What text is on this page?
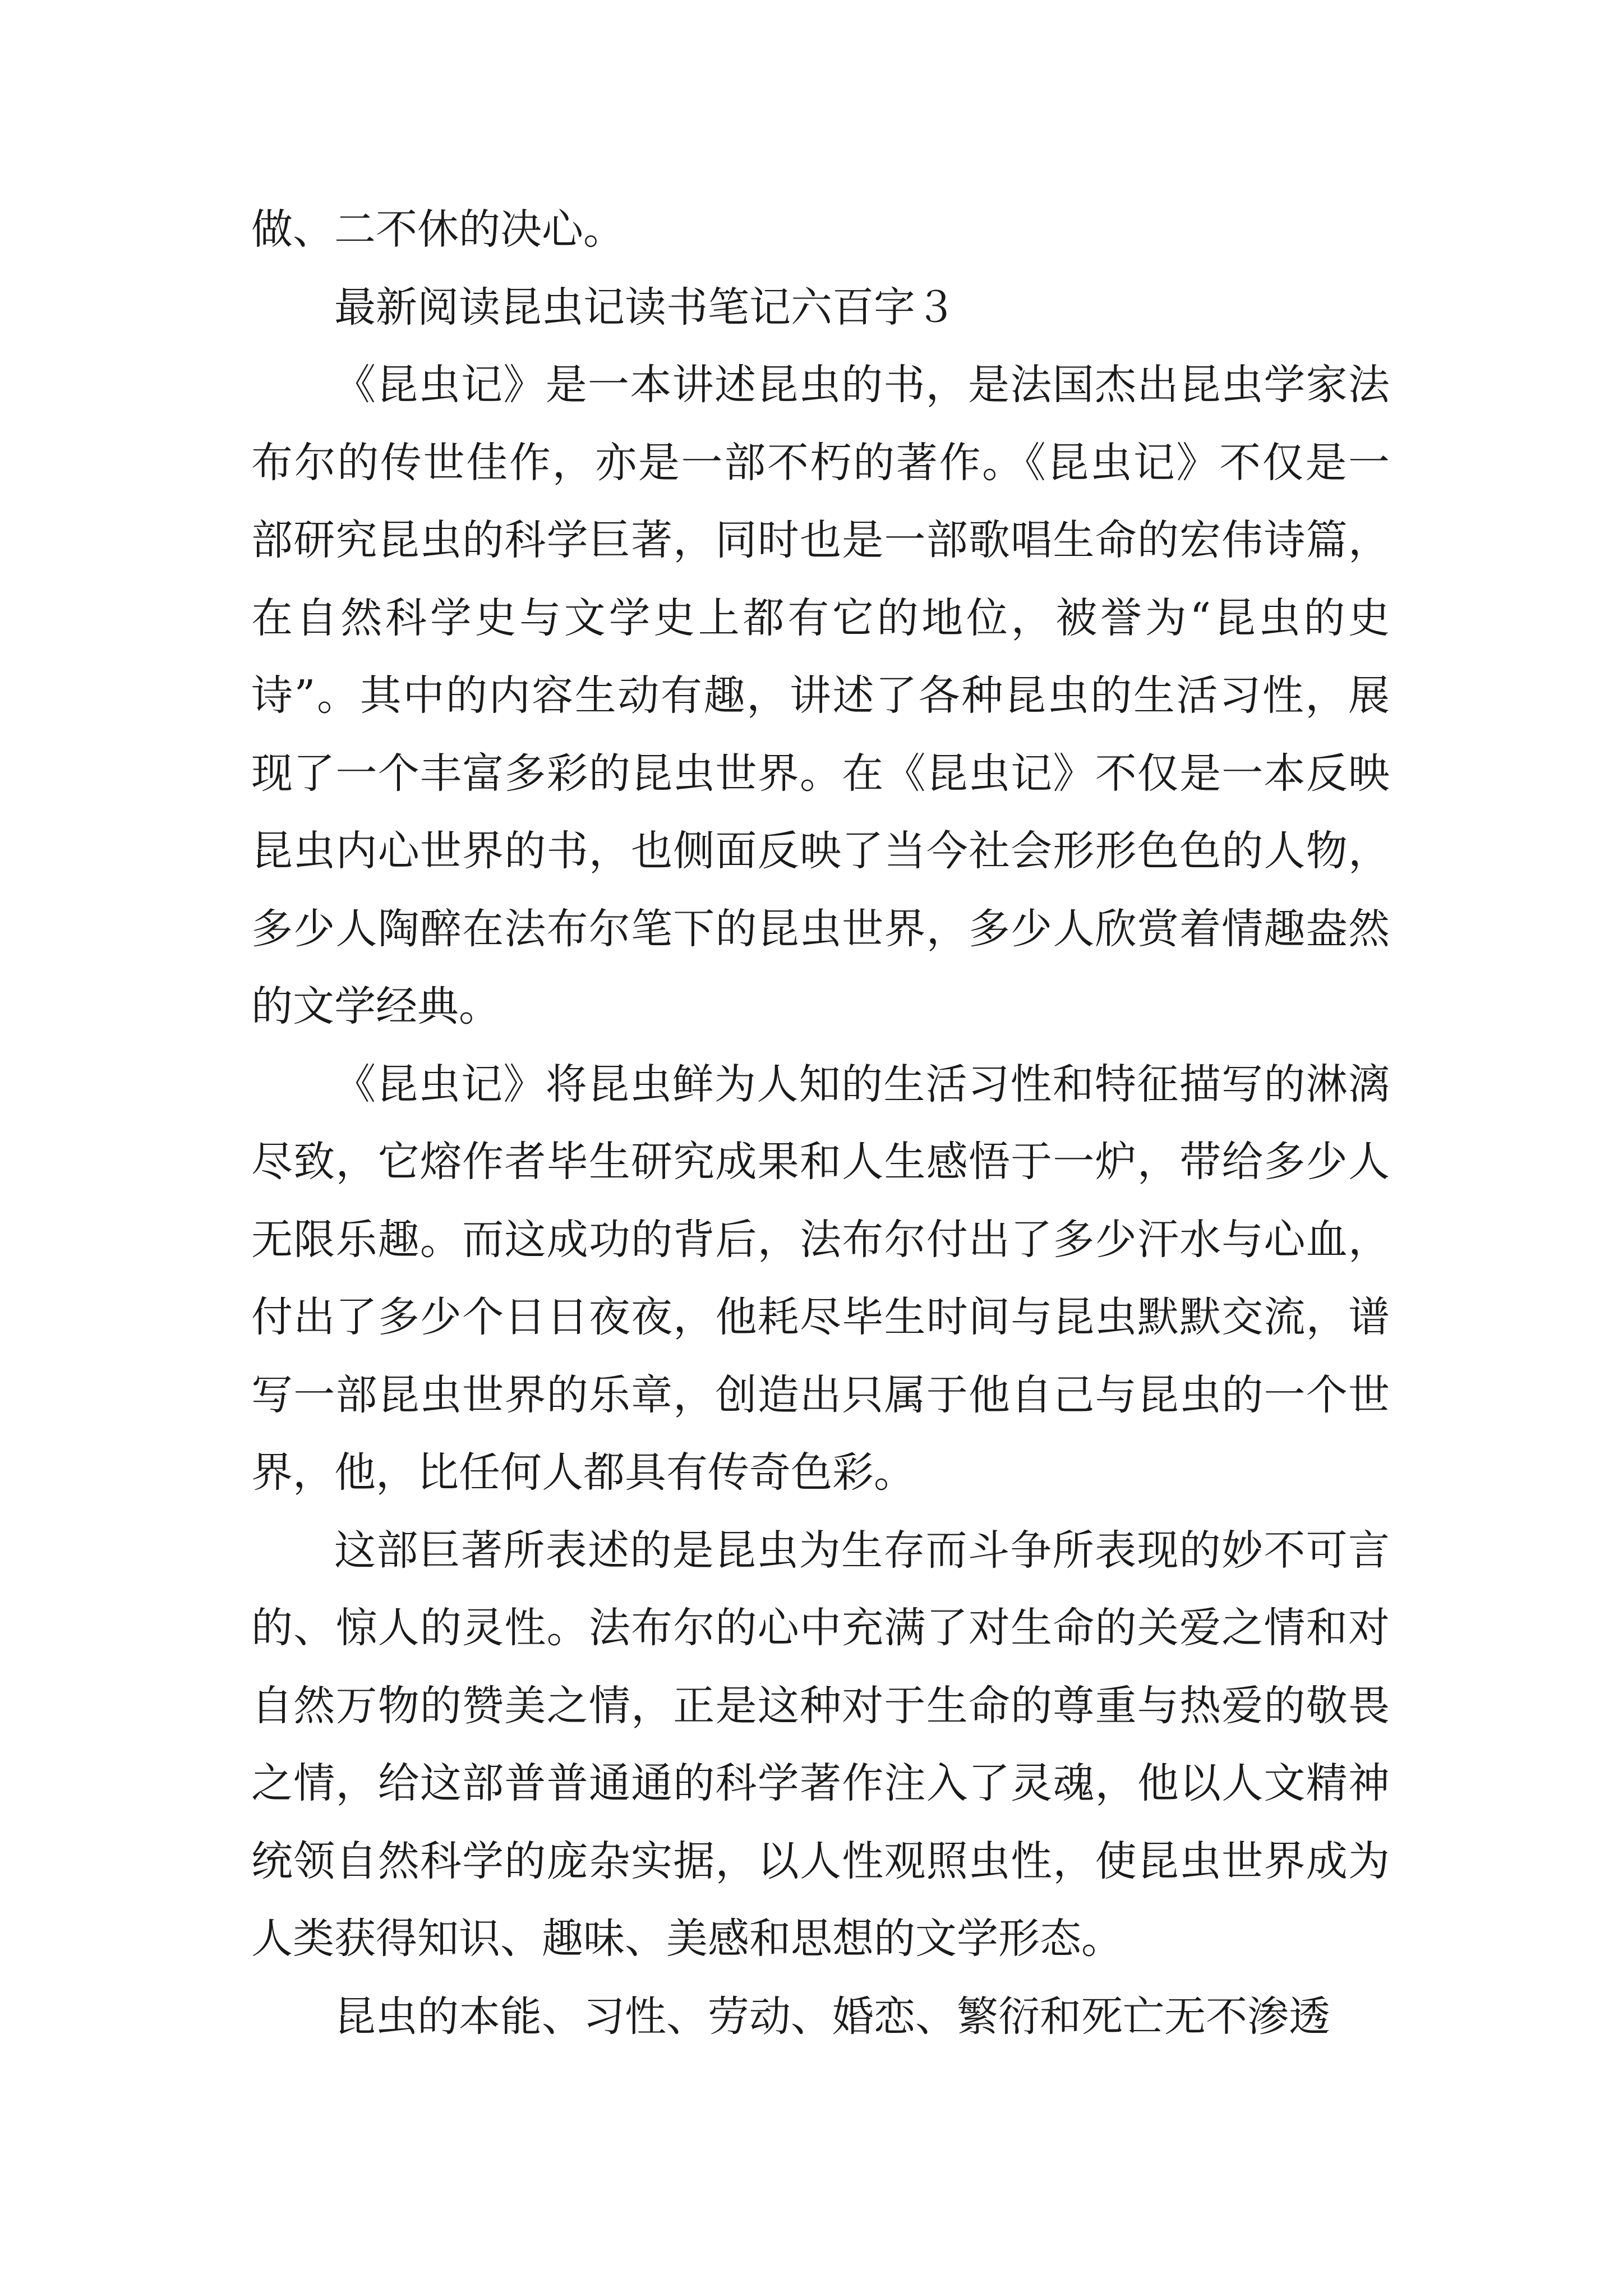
做、二不休的决心。

最新阅读昆虫记读书笔记六百字３

《昆虫记》是一本讲述昆虫的书，是法国杰出昆虫学家法布尔的传世佳作，亦是一部不朽的著作。《昆虫记》不仅是一部研究昆虫的科学巨著，同时也是一部歌唱生命的宏伟诗篇，在自然科学史与文学史上都有它的地位，被誉为“昆虫的史诗”。其中的内容生动有趣，讲述了各种昆虫的生活习性，展现了一个丰富多彩的昆虫世界。在《昆虫记》不仅是一本反映昆虫内心世界的书，也侧面反映了当今社会形形色色的人物，多少人陶醉在法布尔笔下的昆虫世界，多少人欣赏着情趣盎然的文学经典。

《昆虫记》将昆虫鲜为人知的生活习性和特征描写的淋漓尽致，它熔作者毕生研究成果和人生感悟于一炉，带给多少人无限乐趣。而这成功的背后，法布尔付出了多少汗水与心血，付出了多少个日日夜夜，他耗尽毕生时间与昆虫默默交流，谱写一部昆虫世界的乐章，创造出只属于他自己与昆虫的一个世界，他，比任何人都具有传奇色彩。

这部巨著所表述的是昆虫为生存而斗争所表现的妙不可言的、惊人的灵性。法布尔的心中充满了对生命的关爱之情和对自然万物的赞美之情，正是这种对于生命的尊重与热爱的敬畏之情，给这部普普通通的科学著作注入了灵魂，他以人文精神统领自然科学的庞杂实据，以人性观照虫性，使昆虫世界成为人类获得知识、趣味、美感和思想的文学形态。

昆虫的本能、习性、劳动、婚恋、繁衍和死亡无不渗透
